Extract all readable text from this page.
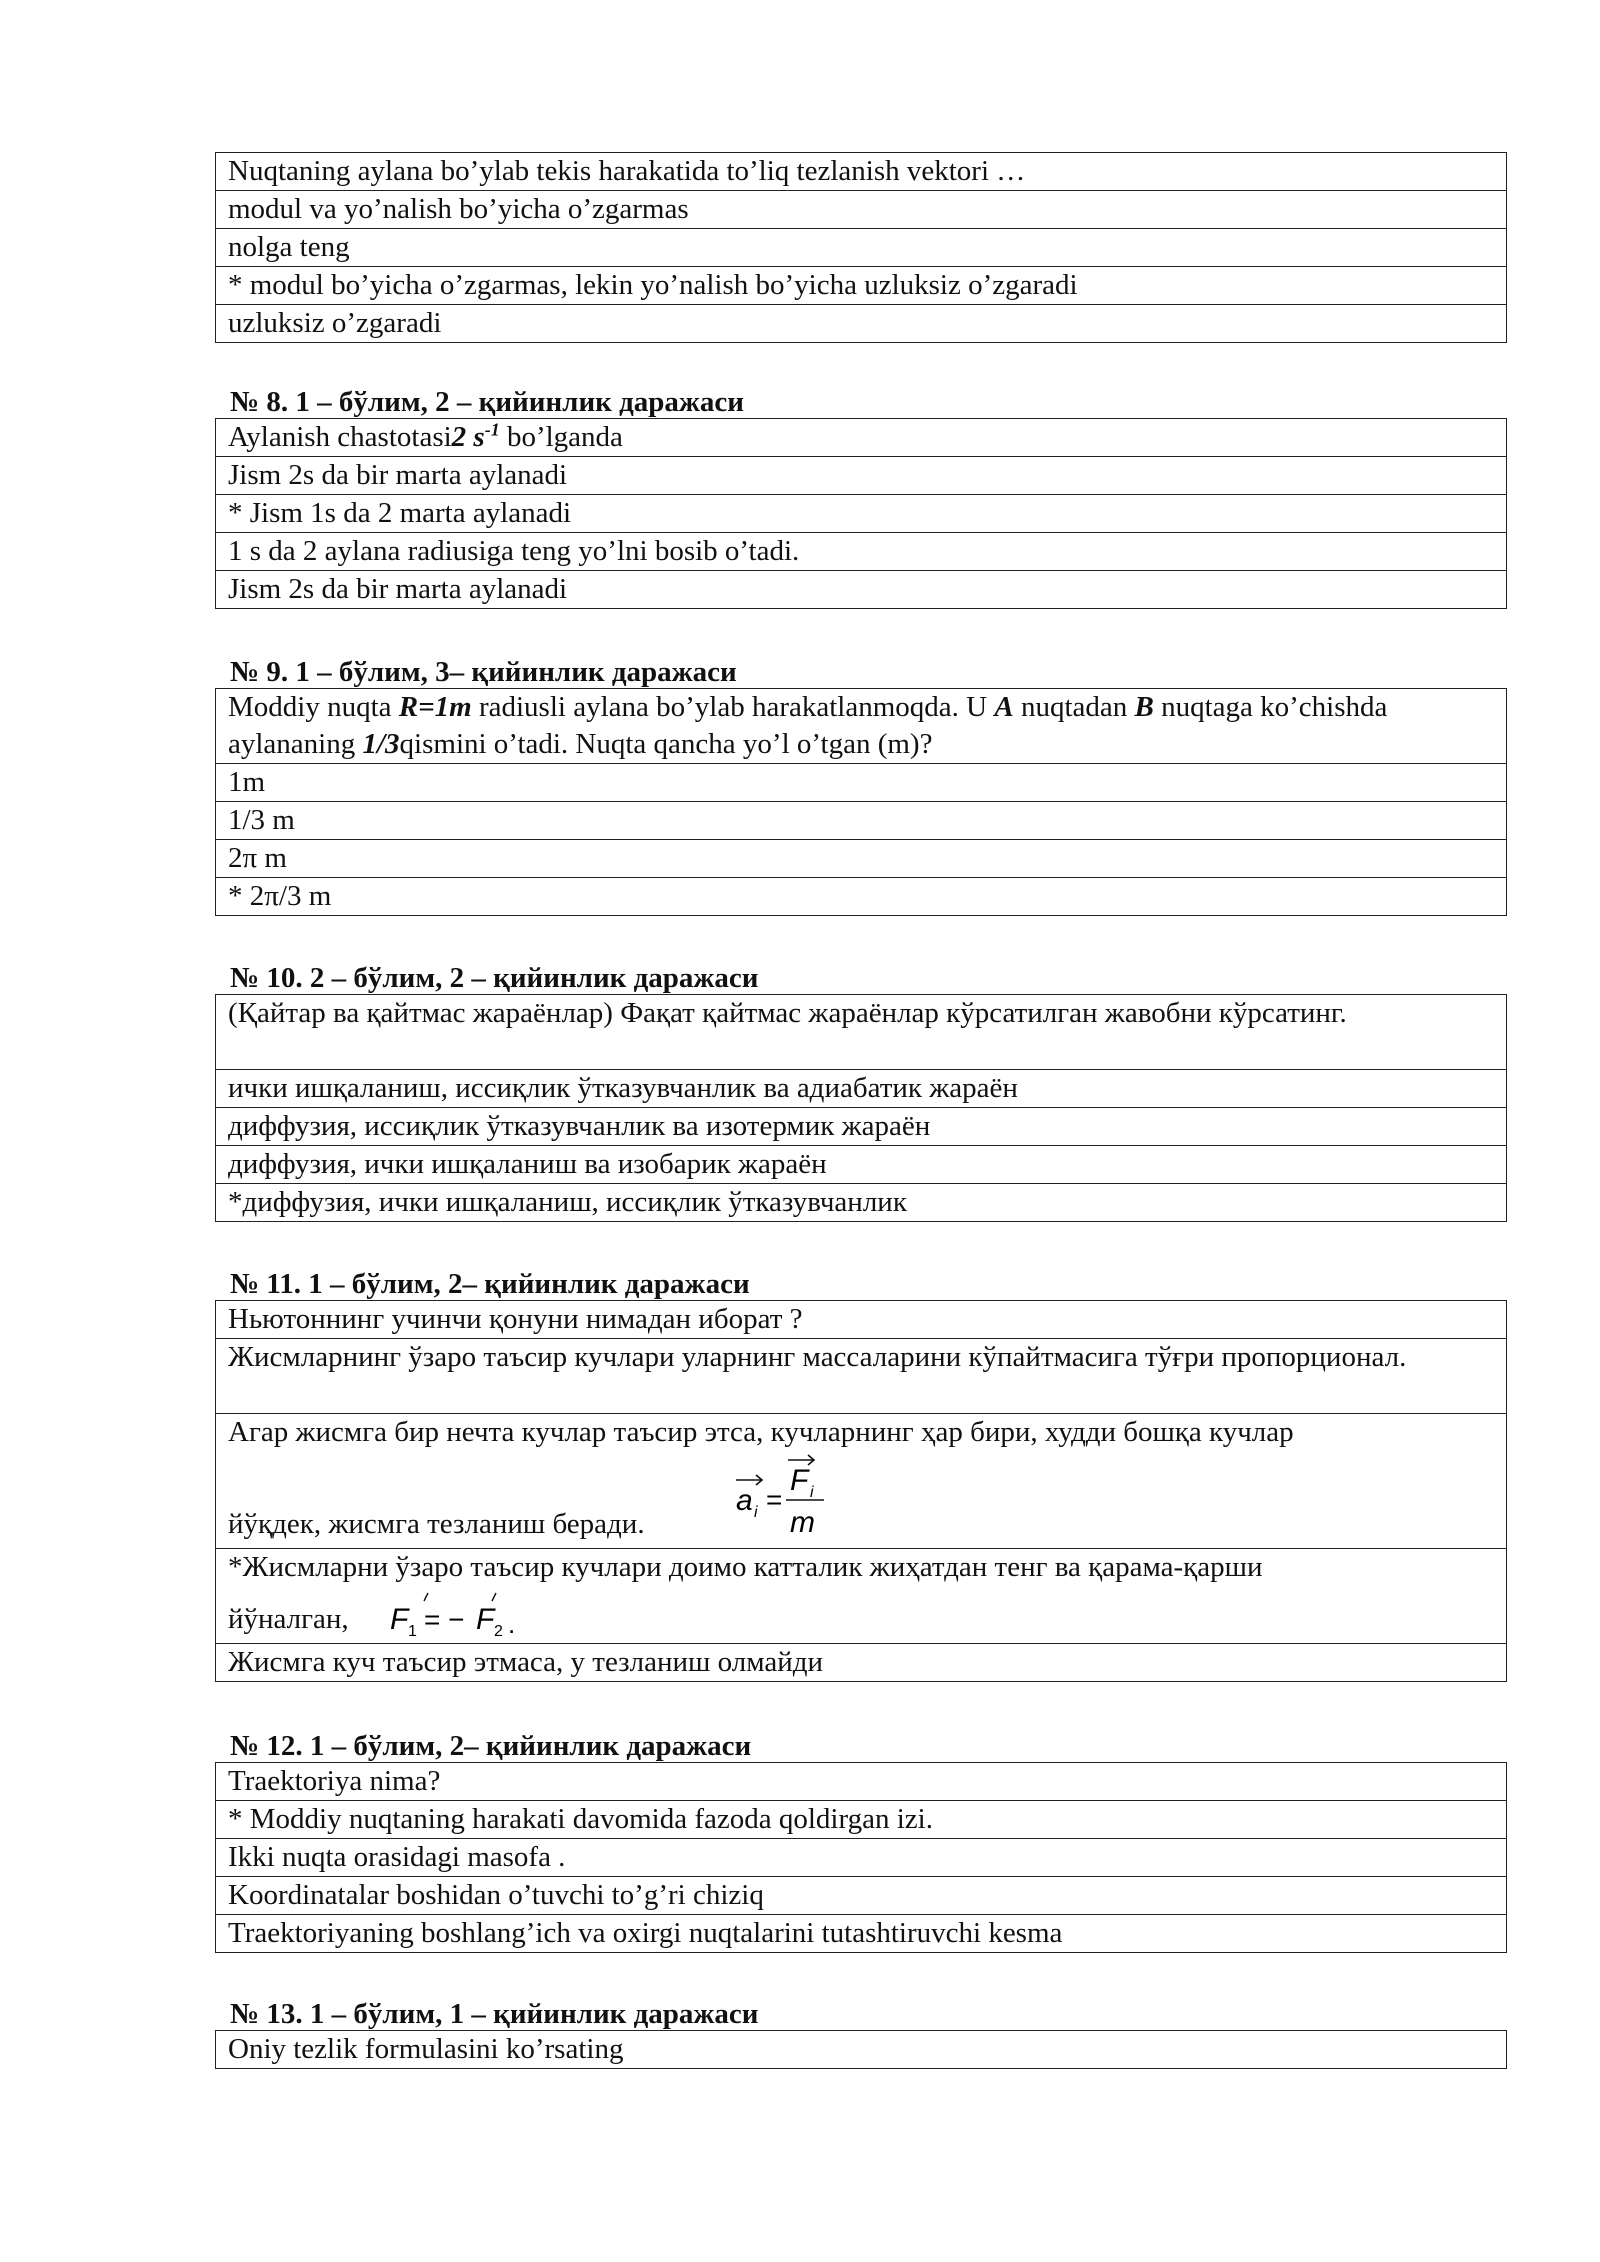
Nuqtaning aylana bo’ylab tekis harakatida to’liq tezlanish vektori …
modul va yo’nalish bo’yicha o’zgarmas
nolga teng
* modul bo’yicha o’zgarmas, lekin yo’nalish bo’yicha uzluksiz o’zgaradi
uzluksiz o’zgaradi
№ 8. 1 – бўлим, 2 – қийинлик даражаси
Aylanish chastotasi2 $s^{-1}$ bo’lganda
Jism 2s da bir marta aylanadi
* Jism 1s da 2 marta aylanadi
1 s da 2 aylana radiusiga teng yo’lni bosib o’tadi.
Jism 2s da bir marta aylanadi
№ 9. 1 – бўлим, 3– қийинлик даражаси
Moddiy nuqta R=1m radiusli aylana bo’ylab harakatlanmoqda. U A nuqtadan B nuqtaga ko’chishda aylananing 1/3qismini o’tadi. Nuqta qancha yo’l o’tgan (m)?
1m
1/3 m
2π m
* 2π/3 m
№ 10. 2 – бўлим, 2 – қийинлик даражаси
(Қайтар ва қайтмас жараёнлар) Фақат қайтмас жараёнлар кўрсатилган жавобни кўрсатинг.
ички ишқаланиш, иссиқлик ўтказувчанлик ва адиабатик жараён
диффузия, иссиқлик ўтказувчанлик ва изотермик жараён
диффузия, ички ишқаланиш ва изобарик жараён
*диффузия, ички ишқаланиш, иссиқлик ўтказувчанлик
№ 11. 1 – бўлим, 2– қийинлик даражаси
Ньютоннинг учинчи қонуни нимадан иборат ?
Жисмларнинг ўзаро таъсир кучлари уларнинг массаларини кўпайтмасига тўғри пропорционал.

Агар жисмга бир нечта кучлар таъсир этса, кучларнинг ҳар бири, худди бошқа кучлар
йўқдек, жисмга тезланиш беради.
a i =
F i
m

*Жисмларни ўзаро таъсир кучлари доимо катталик жиҳатдан тенг ва қарама-қарши
йўналган, F 1 = − F 2 .

Жисмга куч таъсир этмаса, у тезланиш олмайди
№ 12. 1 – бўлим, 2– қийинлик даражаси
Traektoriya nima?
* Moddiy nuqtaning harakati davomida fazoda qoldirgan izi.
Ikki nuqta orasidagi masofa .
Koordinatalar boshidan o’tuvchi to’g’ri chiziq
Traektoriyaning boshlang’ich va oxirgi nuqtalarini tutashtiruvchi kesma
№ 13. 1 – бўлим, 1 – қийинлик даражаси
Oniy tezlik formulasini ko’rsating
